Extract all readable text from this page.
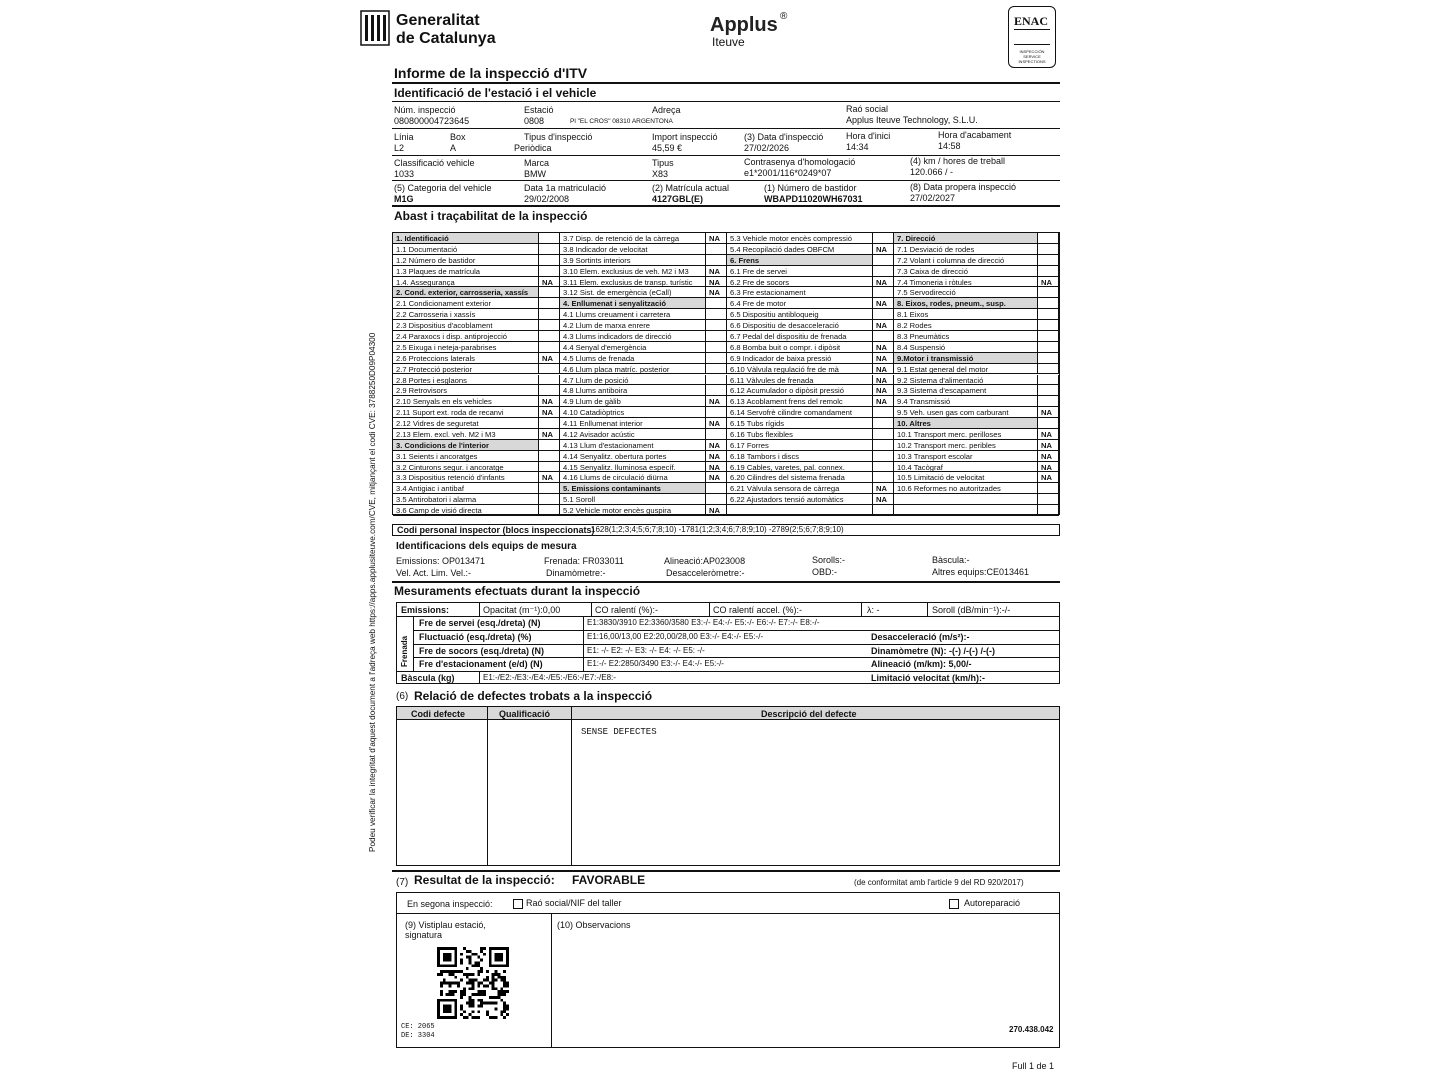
Podeu verificar la integritat d'aquest document a l'adreça web https://apps.applusiteuve.com/CVE, mitjançant el codi CVE: 3788250D09P04300
Generalitat
de Catalunya
Applus ®
Iteuve
ENAC
INSPECCIÓN SERVICE INSPECTIONS
Informe de la inspecció d'ITV
Identificació de l'estació i el vehicle
Núm. inspecció
080800004723645
Estació
0808
Adreça
Pl "EL CROS" 08310 ARGENTONA
Raó social
Applus Iteuve Technology, S.L.U.
Línia
L2
Box
A
Tipus d'inspecció
Periòdica
Import inspecció
45,59 €
(3) Data d'inspecció
27/02/2026
Hora d'inici
14:34
Hora d'acabament
14:58
Classificació vehicle
1033
Marca
BMW
Tipus
X83
Contrasenya d'homologació
e1*2001/116*0249*07
(4) km / hores de treball
120.066 / -
(5) Categoria del vehicle
M1G
Data 1a matriculació
29/02/2008
(2) Matrícula actual
4127GBL(E)
(1) Número de bastidor
WBAPD11020WH67031
(8) Data propera inspecció
27/02/2027
Abast i traçabilitat de la inspecció
1. Identificació
1.1 Documentació
1.2 Número de bastidor
1.3 Plaques de matrícula
1.4. Assegurança	NA
2. Cond. exterior, carrosseria, xassís
2.1 Condicionament exterior
2.2 Carrosseria i xassís
2.3 Dispositius d'acoblament
2.4 Paraxocs i disp. antiprojecció
2.5 Eixuga i neteja-parabrises
2.6 Proteccions laterals	NA
2.7 Protecció posterior
2.8 Portes i esglaons
2.9 Retrovisors
2.10 Senyals en els vehicles	NA
2.11 Suport ext. roda de recanvi	NA
2.12 Vidres de seguretat
2.13 Elem. excl. veh. M2 i M3	NA
3. Condicions de l'interior
3.1 Seients i ancoratges
3.2 Cinturons segur. i ancoratge
3.3 Dispositius retenció d'infants	NA
3.4 Antigiac i antibaf
3.5 Antirobatori i alarma
3.6 Camp de visió directa
3.7 Disp. de retenció de la càrrega	NA
3.8 Indicador de velocitat
3.9 Sortints interiors
3.10 Elem. exclusius de veh. M2 i M3	NA
3.11 Elem. exclusius de transp. turístic NA
3.12 Sist. de emergència (eCall)	NA
4. Enllumenat i senyalització
4.1 Llums creuament i carretera
4.2 Llum de marxa enrere
4.3 Llums indicadors de direcció
4.4 Senyal d'emergència
4.5 Llums de frenada
4.6 Llum placa matríc. posterior
4.7 Llum de posició
4.8 Llums antiboira
4.9 Llum de gàlib	NA
4.10 Catadiòptrics
4.11 Enllumenat interior	NA
4.12 Avisador acústic
4.13 Llum d'estacionament	NA
4.14 Senyalitz. obertura portes	NA
4.15 Senyalitz. lluminosa específ.	NA
4.16 Llums de circulació diürna	NA
5. Emissions contaminants
5.1 Soroll
5.2 Vehicle motor encès guspira	NA
5.3 Vehicle motor encès compressió
5.4 Recopilació dades OBFCM	NA
6. Frens
6.1 Fre de servei
6.2 Fre de socors	NA
6.3 Fre estacionament
6.4 Fre de motor	NA
6.5 Dispositiu antibloqueig
6.6 Dispositiu de desacceleració	NA
6.7 Pedal del dispositiu de frenada
6.8 Bomba buit o compr. i dipòsit	NA
6.9 Indicador de baixa pressió	NA
6.10 Vàlvula regulació fre de mà	NA
6.11 Vàlvules de frenada	NA
6.12 Acumulador o dipòsit pressió	NA
6.13 Acoblament frens del remolc	NA
6.14 Servofrè cilindre comandament
6.15 Tubs rígids
6.16 Tubs flexibles
6.17 Forres
6.18 Tambors i discs
6.19 Cables, varetes, pal. connex.
6.20 Cilindres del sistema frenada
6.21 Vàlvula sensora de càrrega	NA
6.22 Ajustadors tensió automàtics	NA
7. Direcció
7.1 Desviació de rodes
7.2 Volant i columna de direcció
7.3 Caixa de direcció
7.4 Timoneria i ròtules	NA
7.5 Servodirecció
8. Eixos, rodes, pneum., susp.
8.1 Eixos
8.2 Rodes
8.3 Pneumàtics
8.4 Suspensió
9.Motor i transmissió
9.1 Estat general del motor
9.2 Sistema d'alimentació
9.3 Sistema d'escapament
9.4 Transmissió
9.5 Veh. usen gas com carburant	NA
10. Altres
10.1 Transport merc. perilloses	NA
10.2 Transport merc. peribles	NA
10.3 Transport escolar	NA
10.4 Tacògraf	NA
10.5 Limitació de velocitat	NA
10.6 Reformes no autoritzades
Codi personal inspector (blocs inspeccionats)
1628(1;2;3;4;5;6;7;8;10) -1781(1;2;3;4;6;7;8;9;10) -2789(2;5;6;7;8;9;10)
Identificacions dels equips de mesura
Emissions: OP013471	Frenada: FR033011	Alineació:AP023008	Sorolls:-	Bàscula:-
Vel. Act. Lim. Vel.:-	Dinamòmetre:-	Desacceleròmetre:-	OBD:-	Altres equips:CE013461
Mesuraments efectuats durant la inspecció
Emissions:	Opacitat (m⁻¹):0,00	CO ralentí (%):-	CO ralentí accel. (%):-	λ: -	Soroll (dB/min⁻¹):-/-
Frenada
Fre de servei (esq./dreta) (N)	E1:3830/3910 E2:3360/3580 E3:-/- E4:-/- E5:-/- E6:-/- E7:-/- E8:-/-
Fluctuació (esq./dreta) (%)	E1:16,00/13,00 E2:20,00/28,00 E3:-/- E4:-/- E5:-/-	Desacceleració (m/s²):-
Fre de socors (esq./dreta) (N)	E1: -/- E2: -/- E3: -/- E4: -/- E5: -/-	Dinamòmetre (N): -(-) /-(-) /-(-)
Fre d'estacionament (e/d) (N)	E1:-/- E2:2850/3490 E3:-/- E4:-/- E5:-/-	Alineació (m/km): 5,00/-
Bàscula (kg)	E1:-/E2:-/E3:-/E4:-/E5:-/E6:-/E7:-/E8:-	Limitació velocitat (km/h):-
(6) Relació de defectes trobats a la inspecció
Codi defecte	Qualificació	Descripció del defecte
SENSE DEFECTES
(7) Resultat de la inspecció: FAVORABLE	(de conformitat amb l'article 9 del RD 920/2017)
En segona inspecció:	Raó social/NIF del taller	Autoreparació
(9) Vistiplau estació, signatura
(10) Observacions
CE: 2065
DE: 3304
270.438.042
Full 1 de 1
